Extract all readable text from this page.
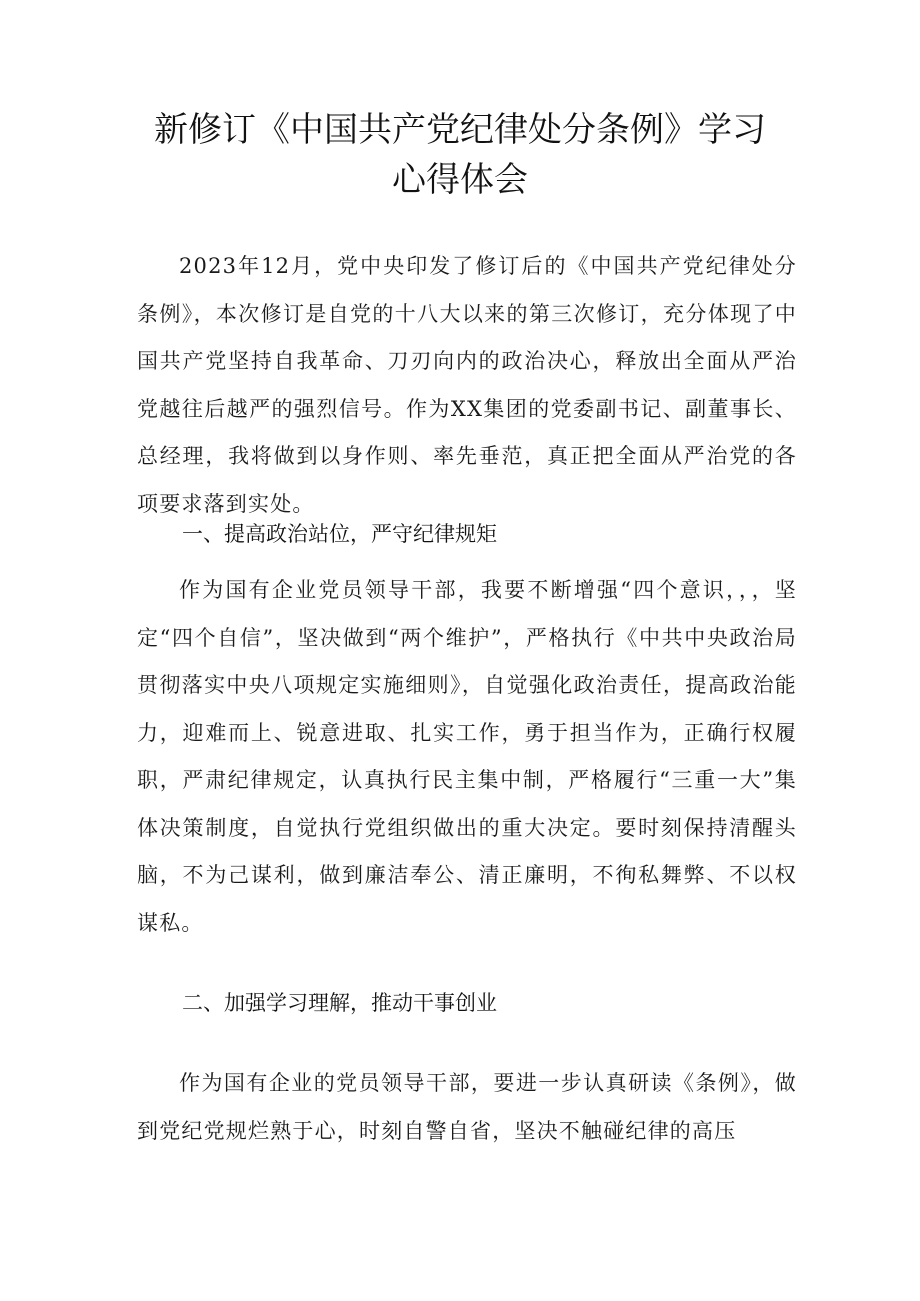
新修订《中国共产党纪律处分条例》学习
心得体会

2023年12月，党中央印发了修订后的《中国共产党纪律处分条例》，本次修订是自党的十八大以来的第三次修订，充分体现了中国共产党坚持自我革命、刀刃向内的政治决心，释放出全面从严治党越往后越严的强烈信号。作为XX集团的党委副书记、副董事长、总经理，我将做到以身作则、率先垂范，真正把全面从严治党的各项要求落到实处。

一、提高政治站位，严守纪律规矩

作为国有企业党员领导干部，我要不断增强“四个意识，，，坚定“四个自信”，坚决做到“两个维护”，严格执行《中共中央政治局贯彻落实中央八项规定实施细则》，自觉强化政治责任，提高政治能力，迎难而上、锐意进取、扎实工作，勇于担当作为，正确行权履职，严肃纪律规定，认真执行民主集中制，严格履行“三重一大”集体决策制度，自觉执行党组织做出的重大决定。要时刻保持清醒头脑，不为己谋利，做到廉洁奉公、清正廉明，不徇私舞弊、不以权谋私。

二、加强学习理解，推动干事创业

作为国有企业的党员领导干部，要进一步认真研读《条例》，做到党纪党规烂熟于心，时刻自警自省，坚决不触碰纪律的高压
